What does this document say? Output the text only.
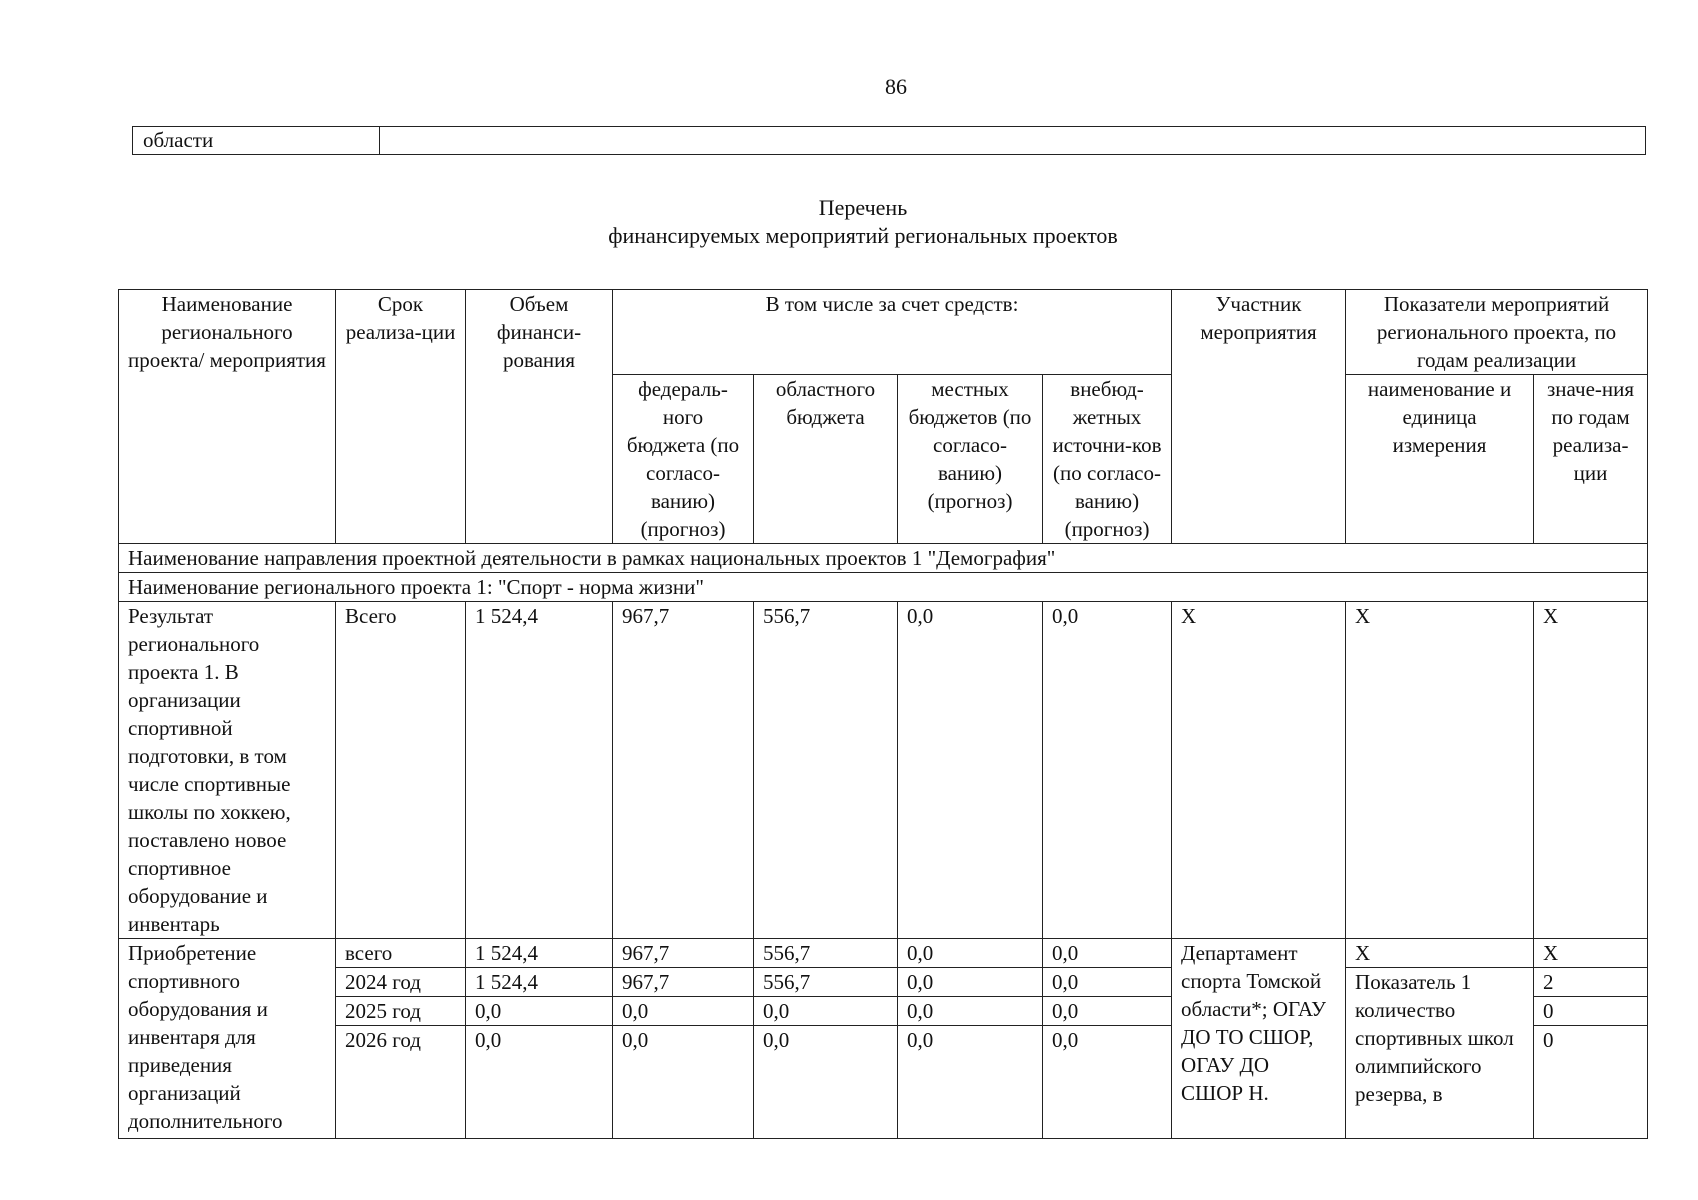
86
области	
Перечень
финансируемых мероприятий региональных проектов
Наименование регионального проекта/ мероприятия	Срок реализа-ции	Объем финанси-рования	В том числе за счет средств:				Участник мероприятия	Показатели мероприятий регионального проекта, по годам реализации	
			федераль-ного бюджета (по согласо-ванию) (прогноз)	областного бюджета	местных бюджетов (по согласо-ванию) (прогноз)	внебюд-жетных источни-ков (по согласо-ванию) (прогноз)		наименование и единица измерения	значе-ния по годам реализа-ции
Наименование направления проектной деятельности в рамках национальных проектов 1 "Демография"									
Наименование регионального проекта 1: "Спорт - норма жизни"									
Результат регионального проекта 1. В организации спортивной подготовки, в том числе спортивные школы по хоккею, поставлено новое спортивное оборудование и инвентарь	Всего	1 524,4	967,7	556,7	0,0	0,0	X	X	X
Приобретение спортивного оборудования и инвентаря для приведения организаций дополнительного	всего	1 524,4	967,7	556,7	0,0	0,0	Департамент спорта Томской области*; ОГАУ ДО ТО СШОР, ОГАУ ДО СШОР Н.	X	X
	2024 год	1 524,4	967,7	556,7	0,0	0,0		Показатель 1 количество спортивных школ олимпийского резерва, в	2
	2025 год	0,0	0,0	0,0	0,0	0,0			0
	2026 год	0,0	0,0	0,0	0,0	0,0			0
